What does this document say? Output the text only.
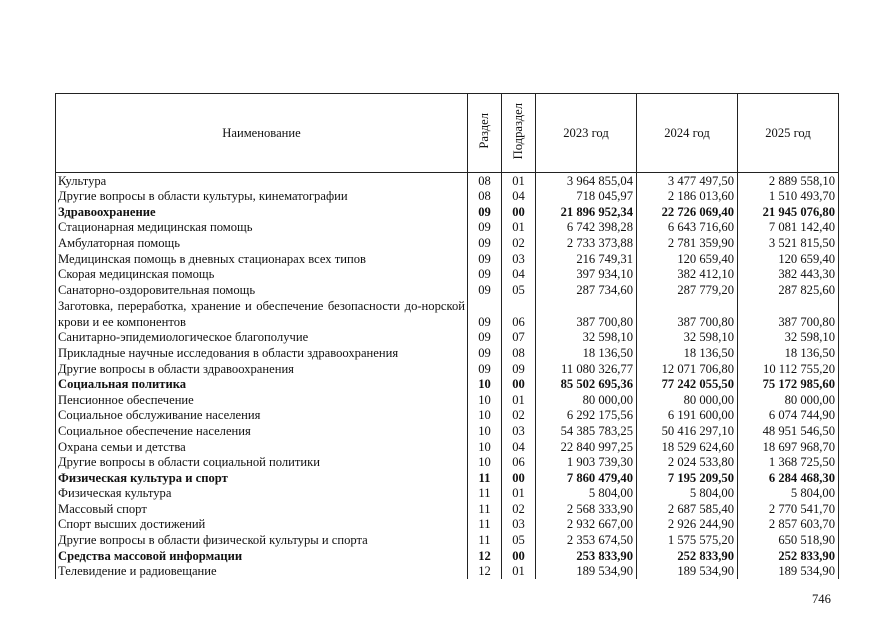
Наименование	Раздел	Подраздел	2023 год	2024 год	2025 год
Культура	08	01	3 964 855,04	3 477 497,50	2 889 558,10
Другие вопросы в области культуры, кинематографии	08	04	718 045,97	2 186 013,60	1 510 493,70
Здравоохранение	09	00	21 896 952,34	22 726 069,40	21 945 076,80
Стационарная медицинская помощь	09	01	6 742 398,28	6 643 716,60	7 081 142,40
Амбулаторная помощь	09	02	2 733 373,88	2 781 359,90	3 521 815,50
Медицинская помощь в дневных стационарах всех типов	09	03	216 749,31	120 659,40	120 659,40
Скорая медицинская помощь	09	04	397 934,10	382 412,10	382 443,30
Санаторно-оздоровительная помощь	09	05	287 734,60	287 779,20	287 825,60

Заготовка, переработка, хранение и обеспечение безопасности до-норской крови и ее компонентов	09	06	387 700,80	387 700,80	387 700,80
Санитарно-эпидемиологическое благополучие	09	07	32 598,10	32 598,10	32 598,10
Прикладные научные исследования в области здравоохранения	09	08	18 136,50	18 136,50	18 136,50
Другие вопросы в области здравоохранения	09	09	11 080 326,77	12 071 706,80	10 112 755,20
Социальная политика	10	00	85 502 695,36	77 242 055,50	75 172 985,60
Пенсионное обеспечение	10	01	80 000,00	80 000,00	80 000,00
Социальное обслуживание населения	10	02	6 292 175,56	6 191 600,00	6 074 744,90
Социальное обеспечение населения	10	03	54 385 783,25	50 416 297,10	48 951 546,50
Охрана семьи и детства	10	04	22 840 997,25	18 529 624,60	18 697 968,70
Другие вопросы в области социальной политики	10	06	1 903 739,30	2 024 533,80	1 368 725,50
Физическая культура и спорт	11	00	7 860 479,40	7 195 209,50	6 284 468,30
Физическая культура	11	01	5 804,00	5 804,00	5 804,00
Массовый спорт	11	02	2 568 333,90	2 687 585,40	2 770 541,70
Спорт высших достижений	11	03	2 932 667,00	2 926 244,90	2 857 603,70
Другие вопросы в области физической культуры и спорта	11	05	2 353 674,50	1 575 575,20	650 518,90
Средства массовой информации	12	00	253 833,90	252 833,90	252 833,90
Телевидение и радиовещание	12	01	189 534,90	189 534,90	189 534,90
746
